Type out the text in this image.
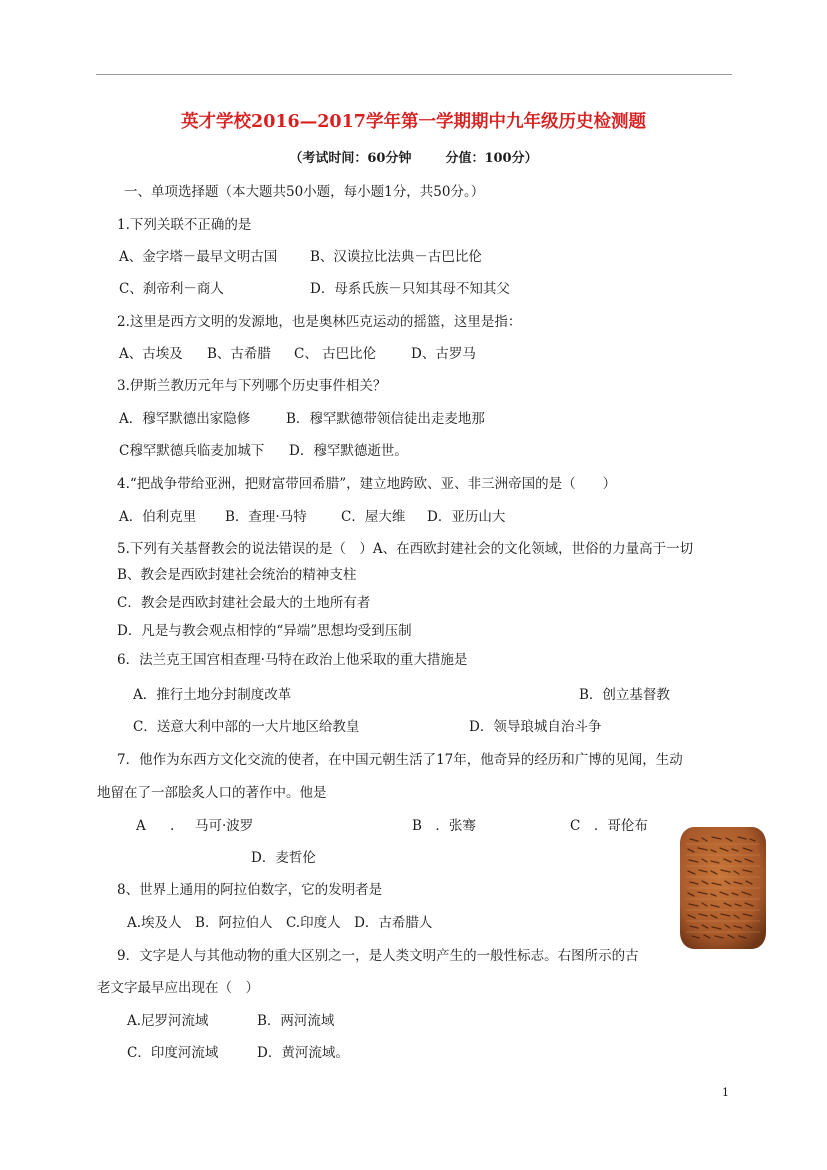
英才学校2016—2017学年第一学期期中九年级历史检测题
（考试时间：60分钟	分值：100分）
一、单项选择题（本大题共50小题，每小题1分，共50分。）
1.下列关联不正确的是
A、金字塔－最早文明古国 B、汉谟拉比法典－古巴比伦
C、刹帝利－商人	D．母系氏族－只知其母不知其父
2.这里是西方文明的发源地，也是奥林匹克运动的摇篮，这里是指：
A、古埃及 B、古希腊 C、 古巴比伦	D、古罗马
3.伊斯兰教历元年与下列哪个历史事件相关？
A．穆罕默德出家隐修	B．穆罕默德带领信徒出走麦地那
C穆罕默德兵临麦加城下 D．穆罕默德逝世。
4.“把战争带给亚洲，把财富带回希腊”，建立地跨欧、亚、非三洲帝国的是（　　）
A．伯利克里 B．查理·马特	C．屋大维 D．亚历山大
5.下列有关基督教会的说法错误的是（　）A、在西欧封建社会的文化领域，世俗的力量高于一切
B、教会是西欧封建社会统治的精神支柱
C．教会是西欧封建社会最大的土地所有者
D．凡是与教会观点相悖的“异端”思想均受到压制
6．法兰克王国宫相查理·马特在政治上他采取的重大措施是
A．推行土地分封制度改革	B．创立基督教
C．送意大利中部的一大片地区给教皇	D．领导琅城自治斗争
7．他作为东西方文化交流的使者，在中国元朝生活了17年，他奇异的经历和广博的见闻，生动
地留在了一部脍炙人口的著作中。他是
A . 马可·波罗	B　．张骞	C　．哥伦布
D．麦哲伦
8、世界上通用的阿拉伯数字，它的发明者是
A.埃及人　B．阿拉伯人　C.印度人　D．古希腊人
9．文字是人与其他动物的重大区别之一，是人类文明产生的一般性标志。右图所示的古
老文字最早应出现在（　）
A.尼罗河流域	B．两河流域
C．印度河流域	D．黄河流域。
1
